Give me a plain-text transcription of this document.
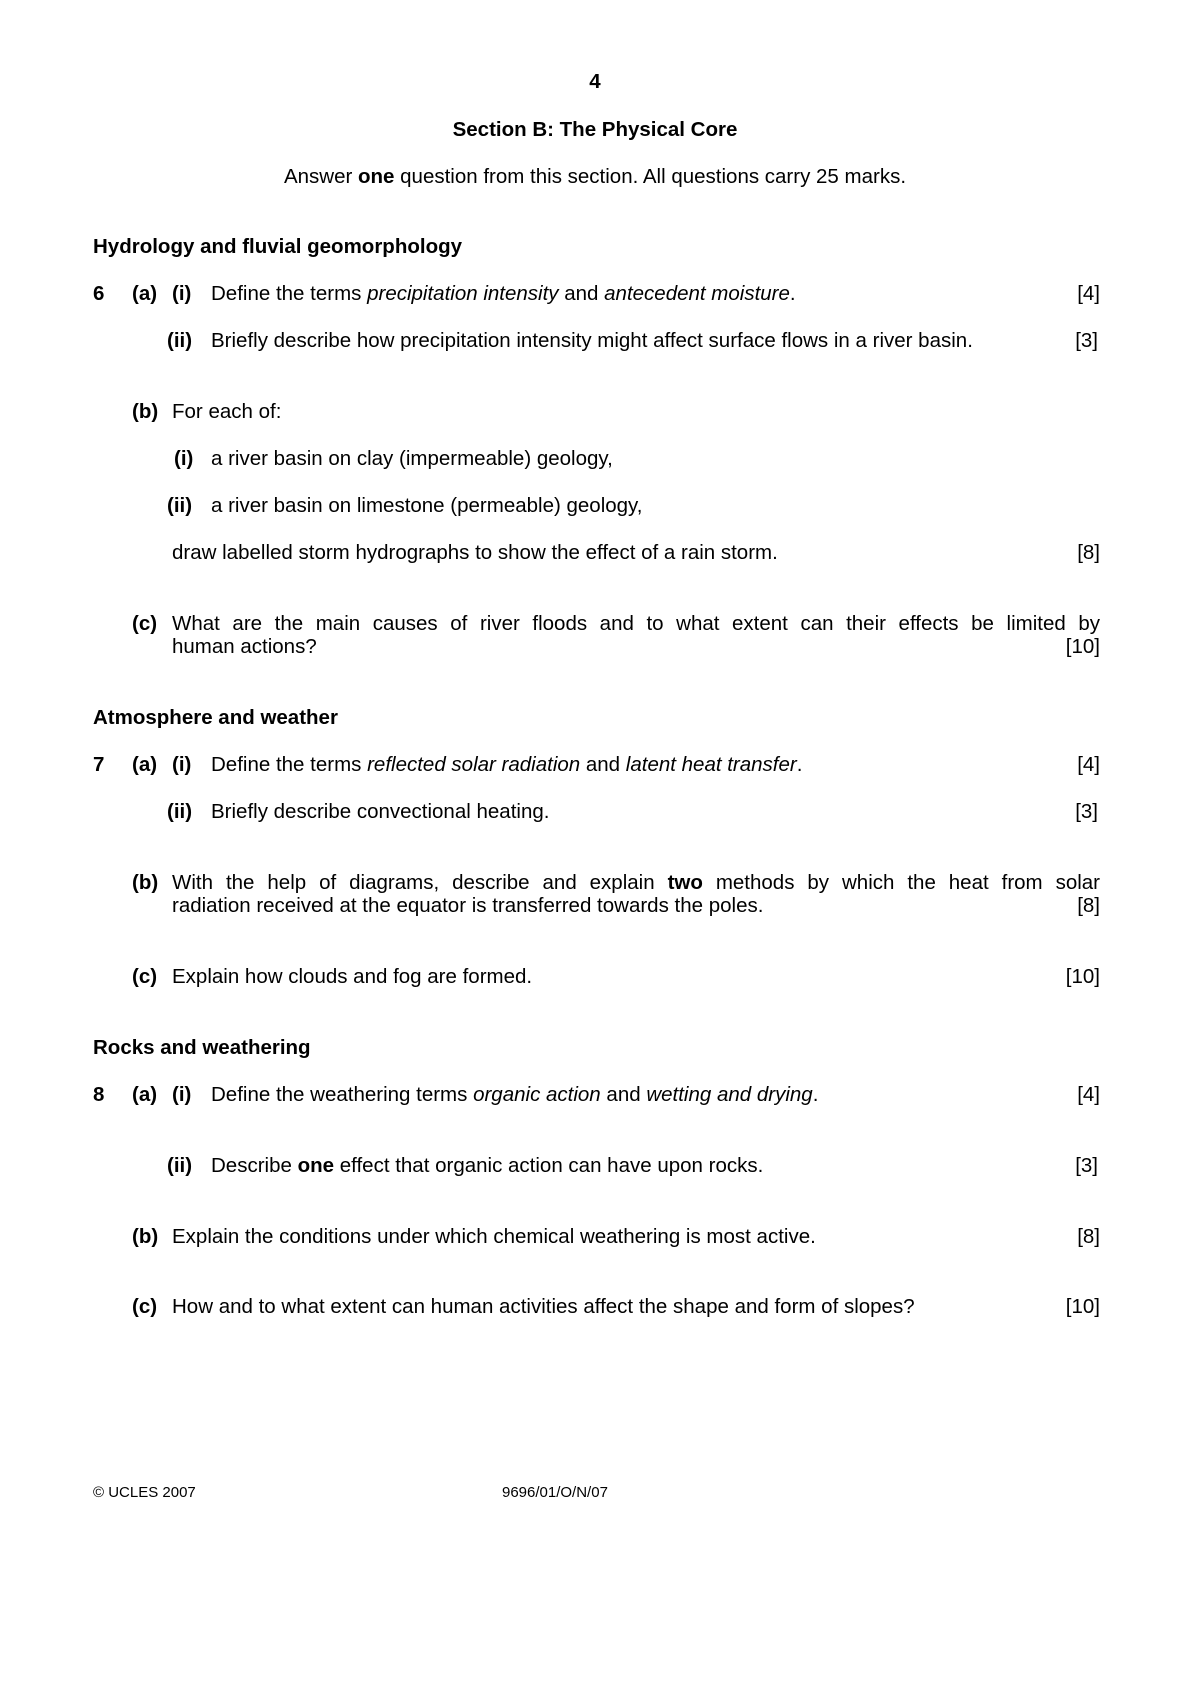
4
Section B: The Physical Core
Answer one question from this section. All questions carry 25 marks.
Hydrology and fluvial geomorphology
6 (a) (i) Define the terms precipitation intensity and antecedent moisture.	[4]
(ii) Briefly describe how precipitation intensity might affect surface flows in a river basin.	[3]
(b) For each of:
(i) a river basin on clay (impermeable) geology,
(ii) a river basin on limestone (permeable) geology,
draw labelled storm hydrographs to show the effect of a rain storm.	[8]
(c) What are the main causes of river floods and to what extent can their effects be limited by
human actions?	[10]
Atmosphere and weather
7 (a) (i) Define the terms reflected solar radiation and latent heat transfer.	[4]
(ii) Briefly describe convectional heating.	[3]
(b) With the help of diagrams, describe and explain two methods by which the heat from solar
radiation received at the equator is transferred towards the poles.	[8]
(c) Explain how clouds and fog are formed.	[10]
Rocks and weathering
8 (a) (i) Define the weathering terms organic action and wetting and drying.	[4]
(ii) Describe one effect that organic action can have upon rocks.	[3]
(b) Explain the conditions under which chemical weathering is most active.	[8]
(c) How and to what extent can human activities affect the shape and form of slopes?	[10]
© UCLES 2007	9696/01/O/N/07
